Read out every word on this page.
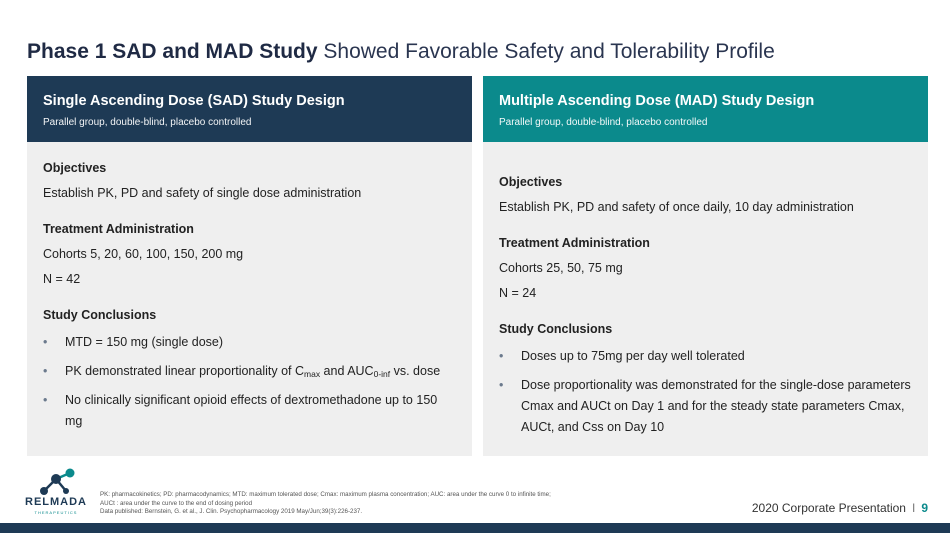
Phase 1 SAD and MAD Study Showed Favorable Safety and Tolerability Profile
Single Ascending Dose (SAD) Study Design
Parallel group, double-blind, placebo controlled
Objectives
Establish PK, PD and safety of single dose administration
Treatment Administration
Cohorts 5, 20, 60, 100, 150, 200 mg
N = 42
Study Conclusions
• MTD = 150 mg (single dose)
• PK demonstrated linear proportionality of $C_{max}$ and $AUC_{0-inf}$ vs. dose
• No clinically significant opioid effects of dextromethadone up to 150 mg
Multiple Ascending Dose (MAD) Study Design
Parallel group, double-blind, placebo controlled
Objectives
Establish PK, PD and safety of once daily, 10 day administration
Treatment Administration
Cohorts 25, 50, 75 mg
N = 24
Study Conclusions
• Doses up to 75mg per day well tolerated
• Dose proportionality was demonstrated for the single-dose parameters Cmax and AUCt on Day 1 and for the steady state parameters Cmax, AUCt, and Css on Day 10
RELMADA
THERAPEUTICS
PK: pharmacokinetics; PD: pharmacodynamics; MTD: maximum tolerated dose; Cmax: maximum plasma concentration; AUC: area under the curve 0 to infinite time;
AUCt : area under the curve to the end of dosing period
Data published: Bernstein, G. et al., J. Clin. Psychopharmacology 2019 May/Jun;39(3):226-237.	2020 Corporate Presentation I 9
